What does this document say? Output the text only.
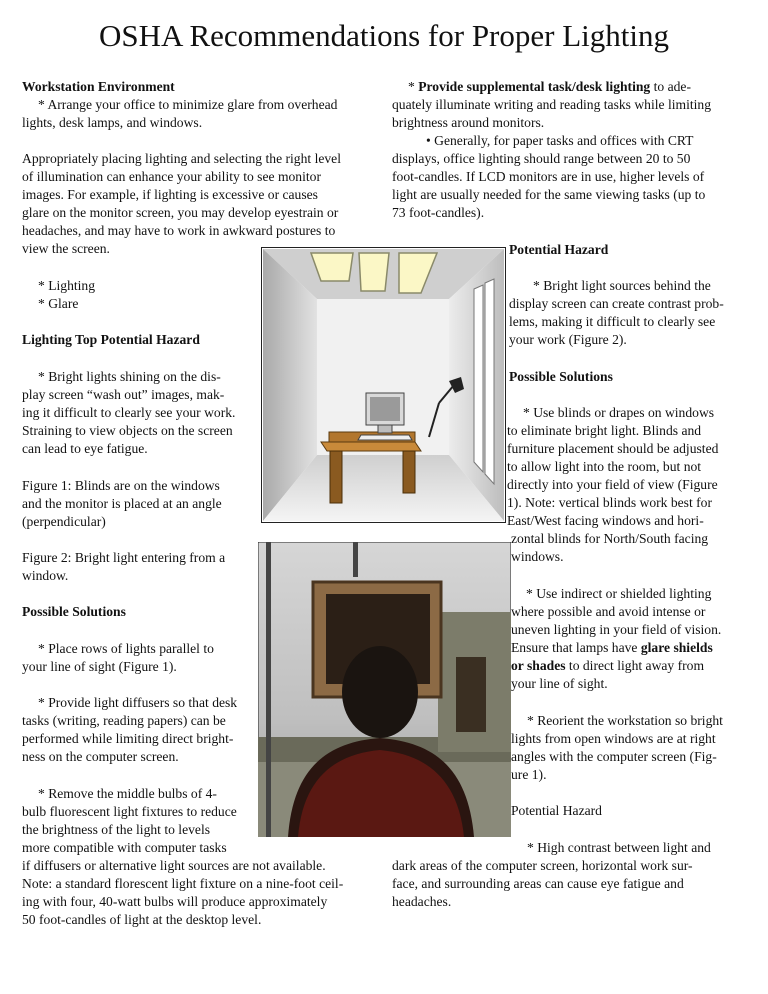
OSHA Recommendations for Proper Lighting

Workstation Environment

* Arrange your office to minimize glare from overhead

lights, desk lamps, and windows.

Appropriately placing lighting and selecting the right level

of illumination can enhance your ability to see monitor

images. For example, if lighting is excessive or causes

glare on the monitor screen, you may develop eyestrain or

headaches, and may have to work in awkward postures to

view the screen.

* Lighting

* Glare

Lighting Top Potential Hazard

* Bright lights shining on the dis-

play screen “wash out” images, mak-

ing it difficult to clearly see your work.

Straining to view objects on the screen

can lead to eye fatigue.

Figure 1: Blinds are on the windows

and the monitor is placed at an angle

(perpendicular)

Figure 2: Bright light entering from a

window.

Possible Solutions

* Place rows of lights parallel to

your line of sight (Figure 1).

* Provide light diffusers so that desk

tasks (writing, reading papers) can be

performed while limiting direct bright-

ness on the computer screen.

* Remove the middle bulbs of 4-

bulb fluorescent light fixtures to reduce

the brightness of the light to levels

more compatible with computer tasks

if diffusers or alternative light sources are not available.

Note: a standard florescent light fixture on a nine-foot ceil-

ing with four, 40-watt bulbs will produce approximately

50 foot-candles of light at the desktop level.

* Provide supplemental task/desk lighting to ade-

quately illuminate writing and reading tasks while limiting

brightness around monitors.

• Generally, for paper tasks and offices with CRT

displays, office lighting should range between 20 to 50

foot-candles. If LCD monitors are in use, higher levels of

light are usually needed for the same viewing tasks (up to

73 foot-candles).

Potential Hazard

* Bright light sources behind the

display screen can create contrast prob-

lems, making it difficult to clearly see

your work (Figure 2).

Possible Solutions

* Use blinds or drapes on windows

to eliminate bright light. Blinds and

furniture placement should be adjusted

to allow light into the room, but not

directly into your field of view (Figure

1). Note: vertical blinds work best for

East/West facing windows and hori-

zontal blinds for North/South facing

windows.

* Use indirect or shielded lighting

where possible and avoid intense or

uneven lighting in your field of vision.

Ensure that lamps have glare shields

or shades to direct light away from

your line of sight.

* Reorient the workstation so bright

lights from open windows are at right

angles with the computer screen (Fig-

ure 1).

Potential Hazard

* High contrast between light and

dark areas of the computer screen, horizontal work sur-

face, and surrounding areas can cause eye fatigue and

headaches.
